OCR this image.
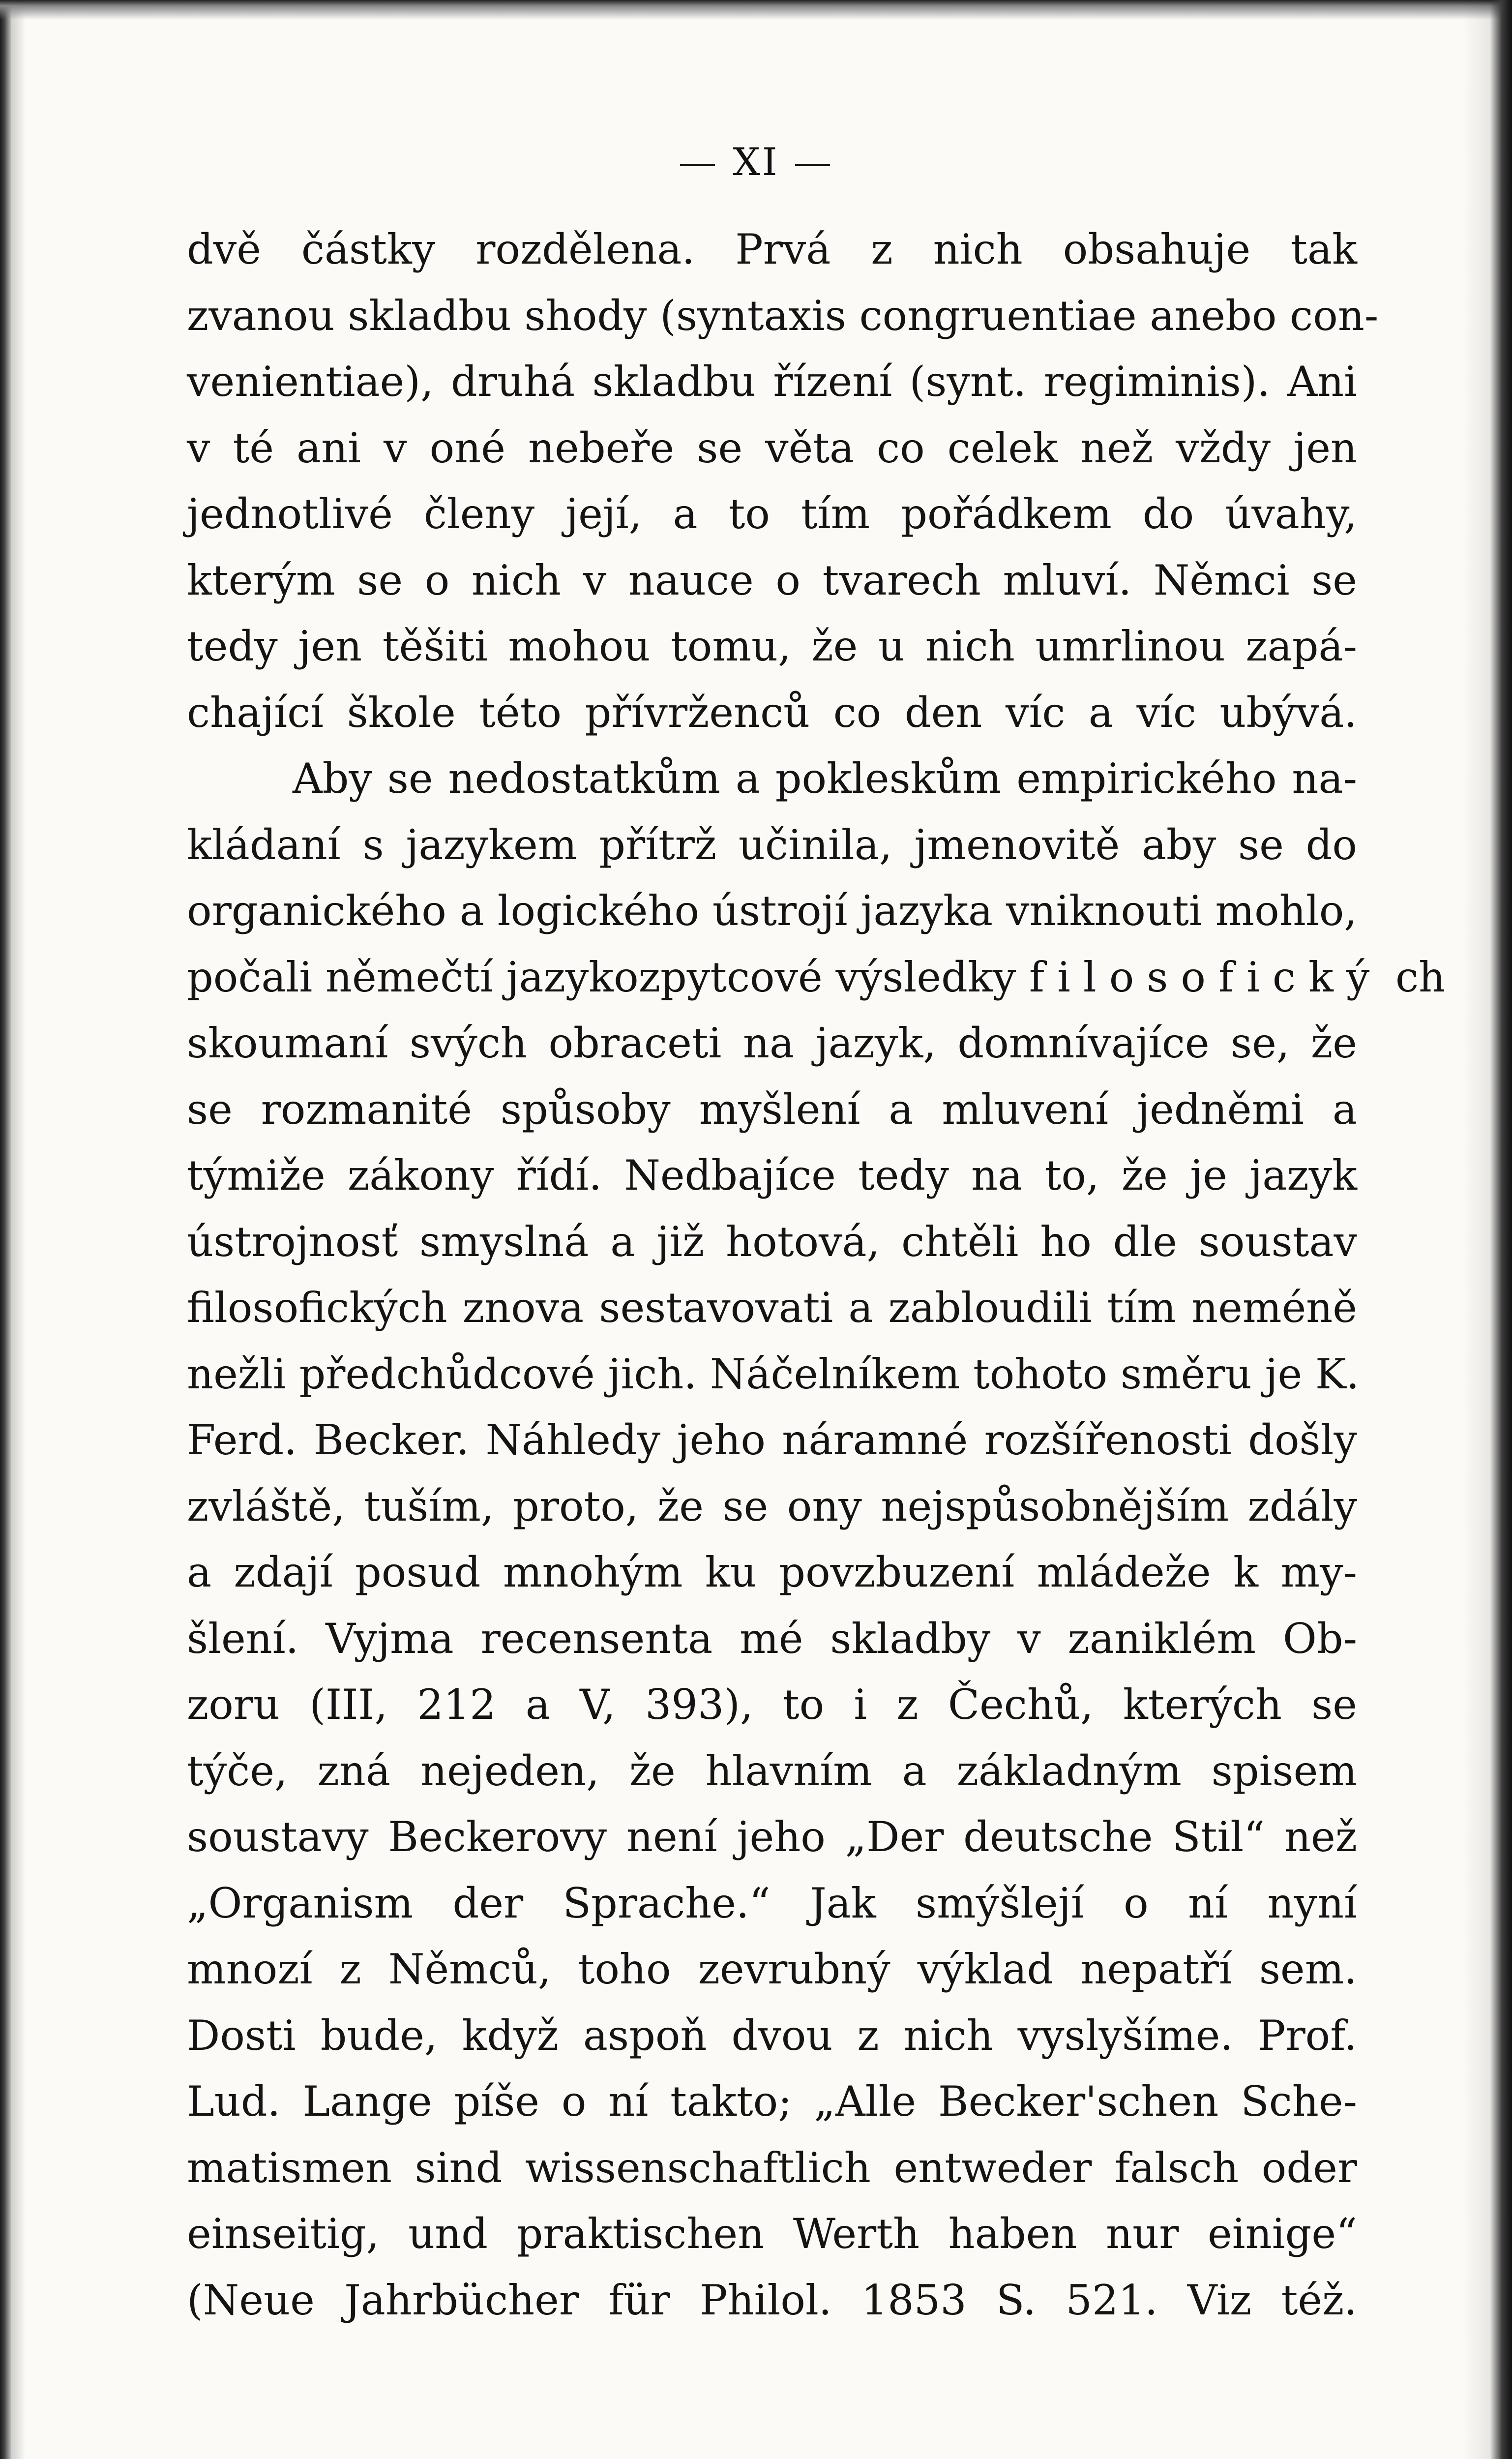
— XI —
dvě částky rozdělena. Prvá z nich obsahuje tak
zvanou skladbu shody (syntaxis congruentiae anebo con-
venientiae), druhá skladbu řízení (synt. regiminis). Ani
v té ani v oné nebeře se věta co celek než vždy jen
jednotlivé členy její, a to tím pořádkem do úvahy,
kterým se o nich v nauce o tvarech mluví. Němci se
tedy jen těšiti mohou tomu, že u nich umrlinou zapá-
chající škole této přívrženců co den víc a víc ubývá.
Aby se nedostatkům a pokleskům empirického na-
kládaní s jazykem přítrž učinila, jmenovitě aby se do
organického a logického ústrojí jazyka vniknouti mohlo,
počali němečtí jazykozpytcové výsledky filosofický ch
skoumaní svých obraceti na jazyk, domnívajíce se, že
se rozmanité spůsoby myšlení a mluvení jedněmi a
týmiže zákony řídí. Nedbajíce tedy na to, že je jazyk
ústrojnosť smyslná a již hotová, chtěli ho dle soustav
filosofických znova sestavovati a zabloudili tím neméně
nežli předchůdcové jich. Náčelníkem tohoto směru je K.
Ferd. Becker. Náhledy jeho náramné rozšířenosti došly
zvláště, tuším, proto, že se ony nejspůsobnějším zdály
a zdají posud mnohým ku povzbuzení mládeže k my-
šlení. Vyjma recensenta mé skladby v zaniklém Ob-
zoru (III, 212 a V, 393), to i z Čechů, kterých se
týče, zná nejeden, že hlavním a základným spisem
soustavy Beckerovy není jeho „Der deutsche Stil“ než
„Organism der Sprache.“ Jak smýšlejí o ní nyní
mnozí z Němců, toho zevrubný výklad nepatří sem.
Dosti bude, když aspoň dvou z nich vyslyšíme. Prof.
Lud. Lange píše o ní takto; „Alle Becker'schen Sche-
matismen sind wissenschaftlich entweder falsch oder
einseitig, und praktischen Werth haben nur einige“
(Neue Jahrbücher für Philol. 1853 S. 521. Viz též.
